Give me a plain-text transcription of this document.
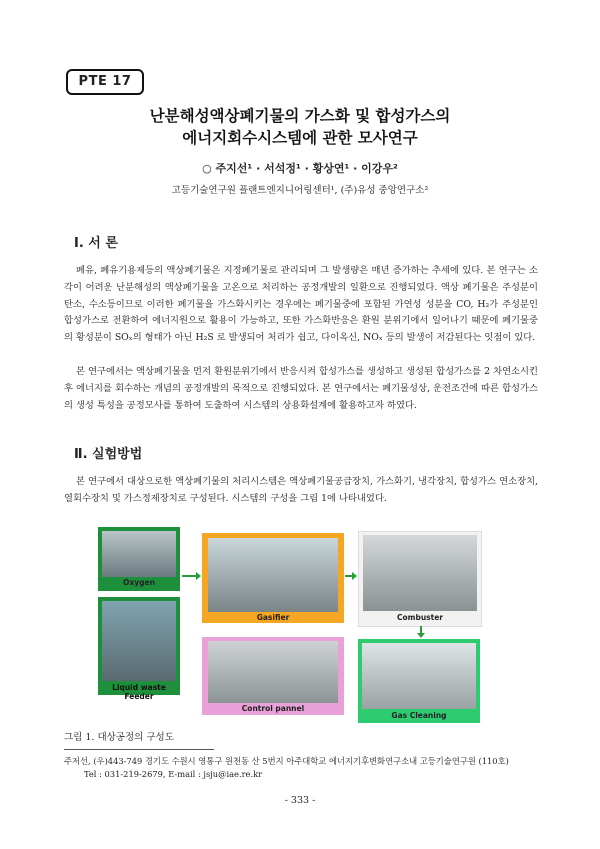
PTE 17
난분해성액상폐기물의 가스화 및 합성가스의
에너지회수시스템에 관한 모사연구
○ 주지선¹ · 서석정¹ · 황상연¹ · 이강우²
고등기술연구원 플랜트엔지니어링센터¹, (주)유성 중앙연구소²
Ⅰ. 서 론
폐유, 폐유기용제등의 액상폐기물은 지정폐기물로 관리되며 그 발생량은 매년 증가하는 추세에 있다. 본 연구는 소각이 어려운 난분해성의 액상폐기물을 고온으로 처리하는 공정개발의 일환으로 진행되었다. 액상 폐기물은 주성분이 탄소, 수소등이므로 이러한 폐기물을 가스화시키는 경우에는 폐기물중에 포함된 가연성 성분을 CO, H₂가 주성분인 합성가스로 전환하여 에너지원으로 활용이 가능하고, 또한 가스화반응은 환원 분위기에서 일어나기 때문에 폐기물중의 황성분이 SOₓ의 형태가 아닌 H₂S 로 발생되어 처리가 쉽고, 다이옥신, NOₓ 등의 발생이 저감된다는 잇점이 있다.
본 연구에서는 액상폐기물을 먼저 환원분위기에서 반응시켜 합성가스를 생성하고 생성된 합성가스를 2 차연소시킨후 에너지를 회수하는 개념의 공정개발의 목적으로 진행되었다. 본 연구에서는 폐기물성상, 운전조건에 따른 합성가스의 생성 특성을 공정모사를 통하여 도출하여 시스템의 상용화설계에 활용하고자 하였다.
Ⅱ. 실험방법
본 연구에서 대상으로한 액상폐기물의 처리시스템은 액상폐기물공급장치, 가스화기, 냉각장치, 합성가스 연소장치, 열회수장치 및 가스정제장치로 구성된다. 시스템의 구성을 그림 1에 나타내었다.
Oxygen
Liquid waste Feeder
Gasifier	Combuster
Control pannel
Gas Cleaning
그림 1. 대상공정의 구성도
주저선, (우)443-749 경기도 수원시 영통구 원천동 산 5번지 아주대학교 에너지기후변화연구소내 고등기술연구원 (110호)
Tel : 031-219-2679, E-mail : jsju@iae.re.kr
- 333 -
